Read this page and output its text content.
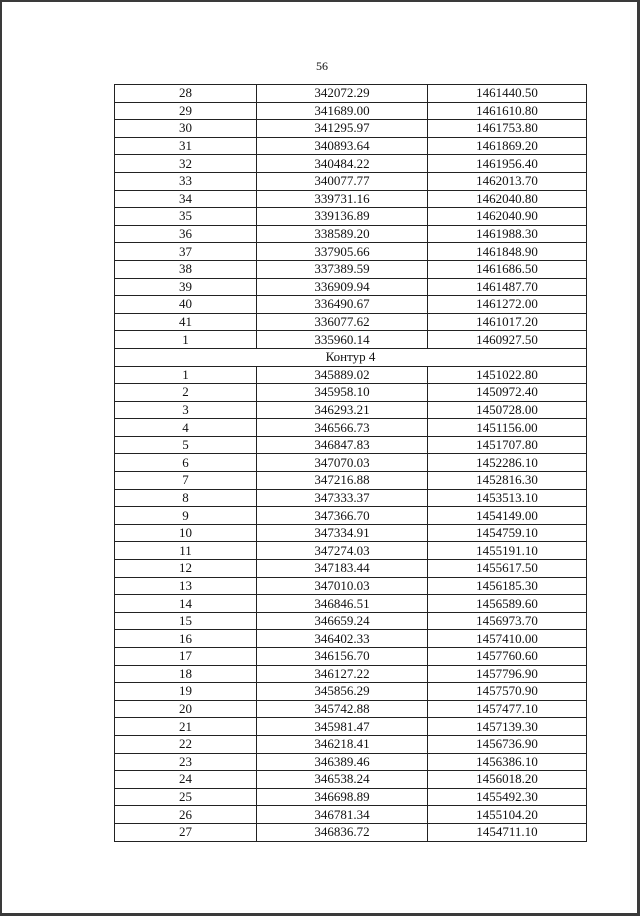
56
28	342072.29	1461440.50
29	341689.00	1461610.80
30	341295.97	1461753.80
31	340893.64	1461869.20
32	340484.22	1461956.40
33	340077.77	1462013.70
34	339731.16	1462040.80
35	339136.89	1462040.90
36	338589.20	1461988.30
37	337905.66	1461848.90
38	337389.59	1461686.50
39	336909.94	1461487.70
40	336490.67	1461272.00
41	336077.62	1461017.20
1	335960.14	1460927.50
Контур 4		
1	345889.02	1451022.80
2	345958.10	1450972.40
3	346293.21	1450728.00
4	346566.73	1451156.00
5	346847.83	1451707.80
6	347070.03	1452286.10
7	347216.88	1452816.30
8	347333.37	1453513.10
9	347366.70	1454149.00
10	347334.91	1454759.10
11	347274.03	1455191.10
12	347183.44	1455617.50
13	347010.03	1456185.30
14	346846.51	1456589.60
15	346659.24	1456973.70
16	346402.33	1457410.00
17	346156.70	1457760.60
18	346127.22	1457796.90
19	345856.29	1457570.90
20	345742.88	1457477.10
21	345981.47	1457139.30
22	346218.41	1456736.90
23	346389.46	1456386.10
24	346538.24	1456018.20
25	346698.89	1455492.30
26	346781.34	1455104.20
27	346836.72	1454711.10
